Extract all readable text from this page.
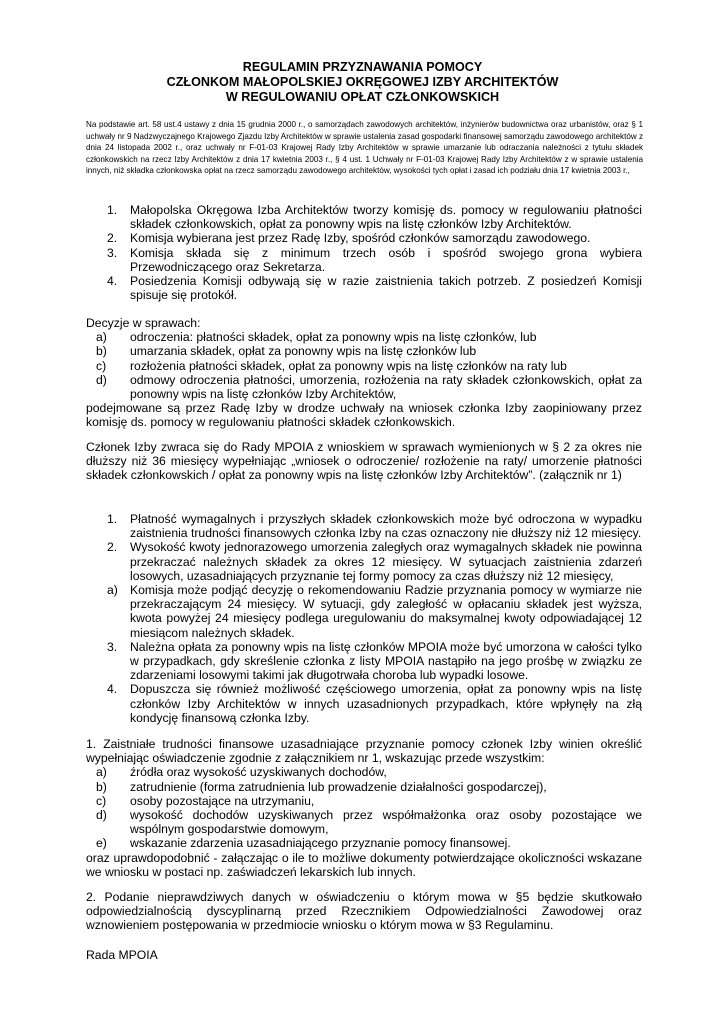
REGULAMIN PRZYZNAWANIA POMOCY
CZŁONKOM MAŁOPOLSKIEJ OKRĘGOWEJ IZBY ARCHITEKTÓW
W REGULOWANIU OPŁAT CZŁONKOWSKICH

Na podstawie art. 58 ust.4 ustawy z dnia 15 grudnia 2000 r., o samorządach zawodowych architektów, inżynierów budownictwa oraz urbanistów, oraz § 1 uchwały nr 9 Nadzwyczajnego Krajowego Zjazdu Izby Architektów w sprawie ustalenia zasad gospodarki finansowej samorządu zawodowego architektów z dnia 24 listopada 2002 r., oraz uchwały nr F-01-03 Krajowej Rady Izby Architektów w sprawie umarzanie lub odraczania należności z tytułu składek członkowskich na rzecz Izby Architektów z dnia 17 kwietnia 2003 r., § 4 ust. 1 Uchwały nr F-01-03 Krajowej Rady Izby Architektów z w sprawie ustalenia innych, niż składka członkowska opłat na rzecz samorządu zawodowego architektów, wysokości tych opłat i zasad ich podziału dnia 17 kwietnia 2003 r.,

1. Małopolska Okręgowa Izba Architektów tworzy komisję ds. pomocy w regulowaniu płatności składek członkowskich, opłat za ponowny wpis na listę członków Izby Architektów.
2. Komisja wybierana jest przez Radę Izby, spośród członków samorządu zawodowego.
3. Komisja składa się z minimum trzech osób i spośród swojego grona wybiera Przewodniczącego oraz Sekretarza.
4. Posiedzenia Komisji odbywają się w razie zaistnienia takich potrzeb. Z posiedzeń Komisji spisuje się protokół.

Decyzje w sprawach:

a) odroczenia: płatności składek, opłat za ponowny wpis na listę członków, lub
b) umarzania składek, opłat za ponowny wpis na listę członków lub
c) rozłożenia płatności składek, opłat za ponowny wpis na listę członków na raty lub
d) odmowy odroczenia płatności, umorzenia, rozłożenia na raty składek członkowskich, opłat za ponowny wpis na listę członków Izby Architektów,

podejmowane są przez Radę Izby w drodze uchwały na wniosek członka Izby zaopiniowany przez komisję ds. pomocy w regulowaniu płatności składek członkowskich.

Członek Izby zwraca się do Rady MPOIA z wnioskiem w sprawach wymienionych w § 2 za okres nie dłuższy niż 36 miesięcy wypełniając „wniosek o odroczenie/ rozłożenie na raty/ umorzenie płatności składek członkowskich / opłat za ponowny wpis na listę członków Izby Architektów”. (załącznik nr 1)

1. Płatność wymagalnych i przyszłych składek członkowskich może być odroczona w wypadku zaistnienia trudności finansowych członka Izby na czas oznaczony nie dłuższy niż 12 miesięcy.
2. Wysokość kwoty jednorazowego umorzenia zaległych oraz wymagalnych składek nie powinna przekraczać należnych składek za okres 12 miesięcy. W sytuacjach zaistnienia zdarzeń losowych, uzasadniających przyznanie tej formy pomocy za czas dłuższy niż 12 miesięcy,
a) Komisja może podjąć decyzję o rekomendowaniu Radzie przyznania pomocy w wymiarze nie przekraczającym 24 miesięcy. W sytuacji, gdy zaległość w opłacaniu składek jest wyższa, kwota powyżej 24 miesięcy podlega uregulowaniu do maksymalnej kwoty odpowiadającej 12 miesiącom należnych składek.
3. Należna opłata za ponowny wpis na listę członków MPOIA może być umorzona w całości tylko w przypadkach, gdy skreślenie członka z listy MPOIA nastąpiło na jego prośbę w związku ze zdarzeniami losowymi takimi jak długotrwała choroba lub wypadki losowe.
4. Dopuszcza się również możliwość częściowego umorzenia, opłat za ponowny wpis na listę członków Izby Architektów w innych uzasadnionych przypadkach, które wpłynęły na złą kondycję finansową członka Izby.

1. Zaistniałe trudności finansowe uzasadniające przyznanie pomocy członek Izby winien określić wypełniając oświadczenie zgodnie z załącznikiem nr 1, wskazując przede wszystkim:

a) źródła oraz wysokość uzyskiwanych dochodów,
b) zatrudnienie (forma zatrudnienia lub prowadzenie działalności gospodarczej),
c) osoby pozostające na utrzymaniu,
d) wysokość dochodów uzyskiwanych przez współmałżonka oraz osoby pozostające we wspólnym gospodarstwie domowym,
e) wskazanie zdarzenia uzasadniającego przyznanie pomocy finansowej.

oraz uprawdopodobnić - załączając o ile to możliwe dokumenty potwierdzające okoliczności wskazane we wniosku w postaci np. zaświadczeń lekarskich lub innych.

2. Podanie nieprawdziwych danych w oświadczeniu o którym mowa w §5 będzie skutkowało odpowiedzialnością dyscyplinarną przed Rzecznikiem Odpowiedzialności Zawodowej oraz wznowieniem postępowania w przedmiocie wniosku o którym mowa w §3 Regulaminu.

Rada MPOIA
